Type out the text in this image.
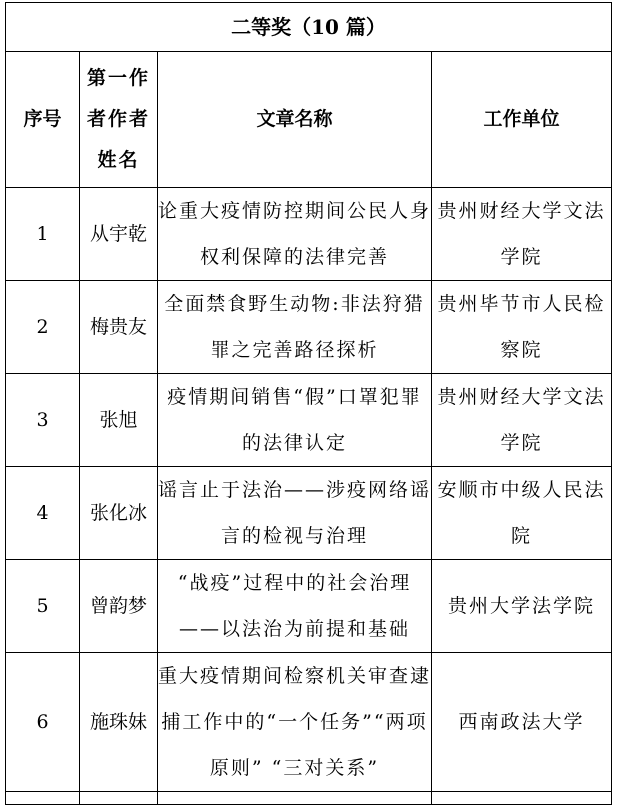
二等奖（10 篇）			
序号	第一作者作者姓名	文章名称	工作单位
1	从宇乾	论重大疫情防控期间公民人身权利保障的法律完善	贵州财经大学文法学院

2	梅贵友	全面禁食野生动物:非法狩猎罪之完善路径探析	贵州毕节市人民检察院

3	张旭	疫情期间销售“假”口罩犯罪的法律认定	贵州财经大学文法学院

4	张化冰	谣言止于法治——涉疫网络谣言的检视与治理	安顺市中级人民法院

5	曾韵梦	“战疫”过程中的社会治理——以法治为前提和基础	贵州大学法学院

6	施珠妹	重大疫情期间检察机关审查逮捕工作中的“一个任务”“两项原则” “三对关系”	西南政法大学
